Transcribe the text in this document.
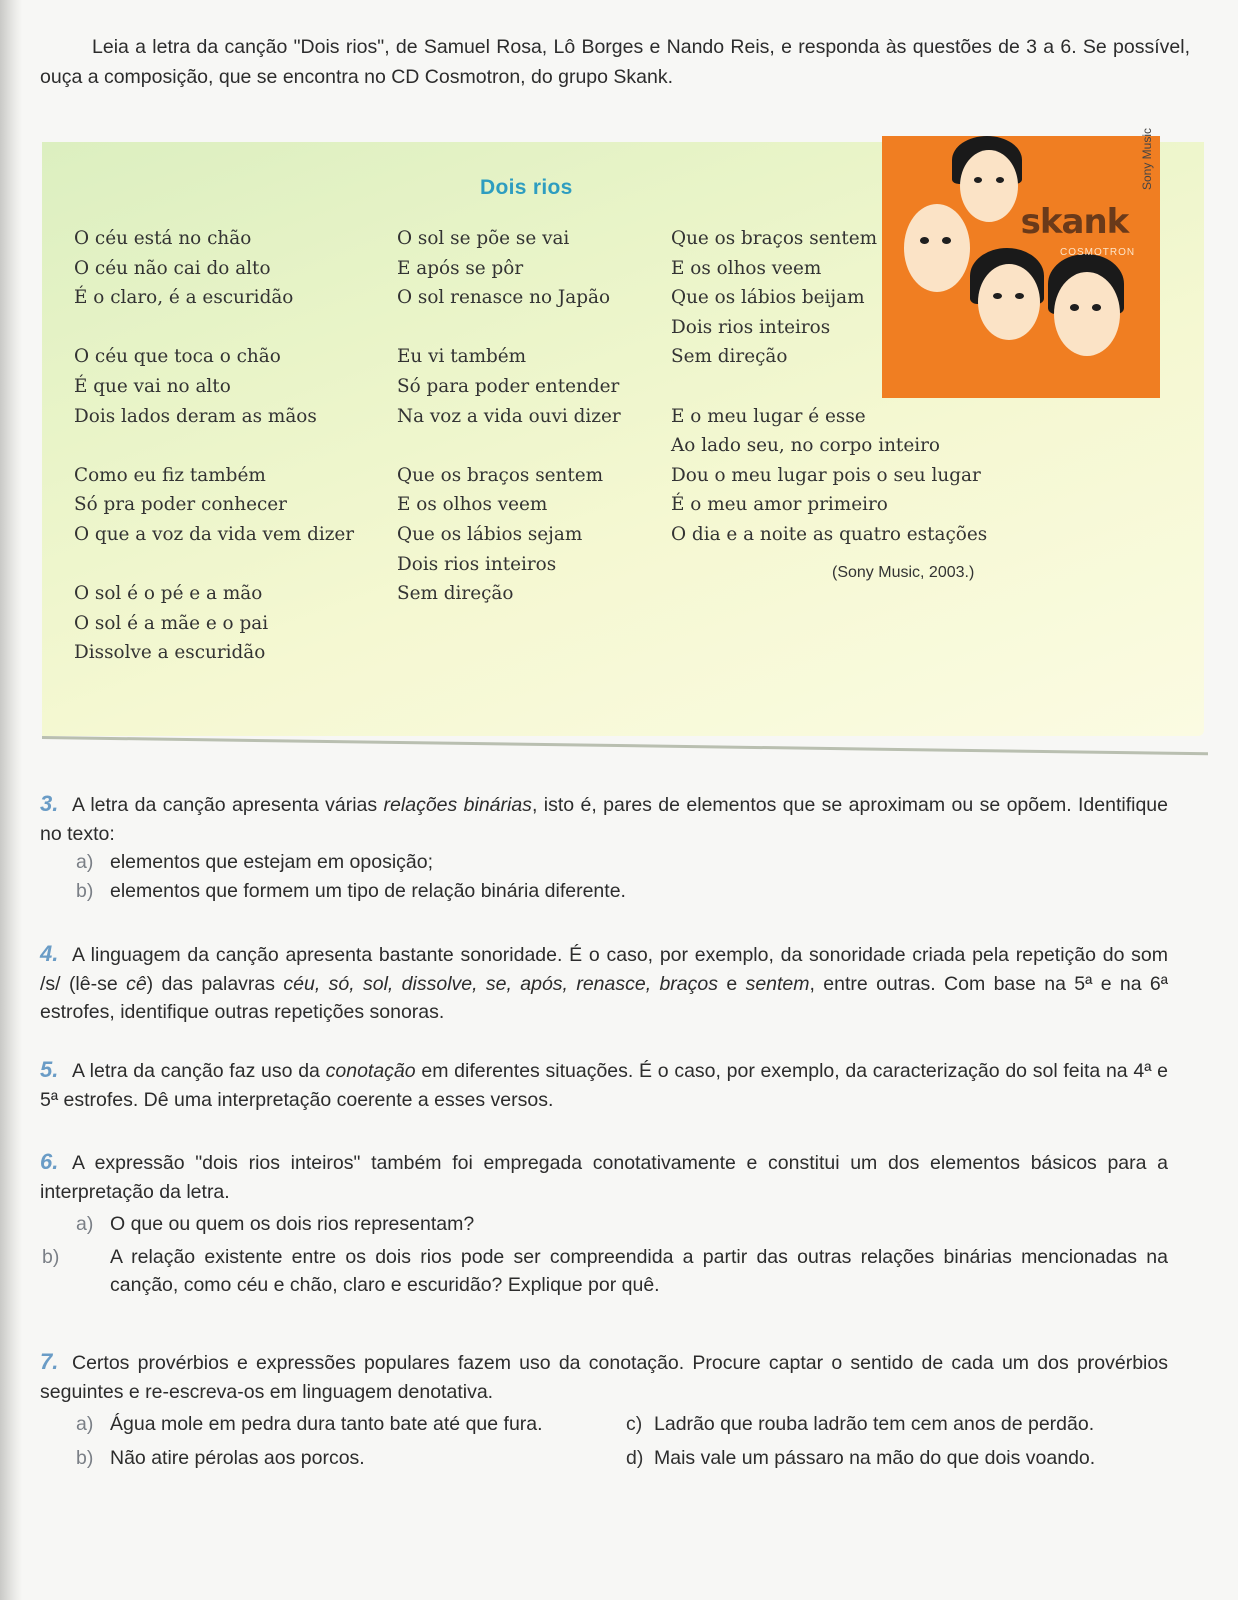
Leia a letra da canção "Dois rios", de Samuel Rosa, Lô Borges e Nando Reis, e responda às questões de 3 a 6. Se possível, ouça a composição, que se encontra no CD Cosmotron, do grupo Skank.

Dois rios
O céu está no chão
O céu não cai do alto
É o claro, é a escuridão
O céu que toca o chão
É que vai no alto
Dois lados deram as mãos
Como eu fiz também
Só pra poder conhecer
O que a voz da vida vem dizer
O sol é o pé e a mão
O sol é a mãe e o pai
Dissolve a escuridão
O sol se põe se vai
E após se pôr
O sol renasce no Japão
Eu vi também
Só para poder entender
Na voz a vida ouvi dizer
Que os braços sentem
E os olhos veem
Que os lábios sejam
Dois rios inteiros
Sem direção
Que os braços sentem
E os olhos veem
Que os lábios beijam
Dois rios inteiros
Sem direção
E o meu lugar é esse
Ao lado seu, no corpo inteiro
Dou o meu lugar pois o seu lugar
É o meu amor primeiro
O dia e a noite as quatro estações
(Sony Music, 2003.)
skank
COSMOTRON
Sony Music
3. A letra da canção apresenta várias relações binárias, isto é, pares de elementos que se aproximam ou se opõem. Identifique no texto:
a) elementos que estejam em oposição;
b) elementos que formem um tipo de relação binária diferente.
4. A linguagem da canção apresenta bastante sonoridade. É o caso, por exemplo, da sonoridade criada pela repetição do som /s/ (lê-se cê) das palavras céu, só, sol, dissolve, se, após, renasce, braços e sentem, entre outras. Com base na 5ª e na 6ª estrofes, identifique outras repetições sonoras.
5. A letra da canção faz uso da conotação em diferentes situações. É o caso, por exemplo, da caracterização do sol feita na 4ª e 5ª estrofes. Dê uma interpretação coerente a esses versos.
6. A expressão "dois rios inteiros" também foi empregada conotativamente e constitui um dos elementos básicos para a interpretação da letra.
a) O que ou quem os dois rios representam?
b)	A relação existente entre os dois rios pode ser compreendida a partir das outras relações binárias mencionadas na canção, como céu e chão, claro e escuridão? Explique por quê.
7. Certos provérbios e expressões populares fazem uso da conotação. Procure captar o sentido de cada um dos provérbios seguintes e re-escreva-os em linguagem denotativa.
a) Água mole em pedra dura tanto bate até que fura.
b) Não atire pérolas aos porcos.
c) Ladrão que rouba ladrão tem cem anos de perdão.
d) Mais vale um pássaro na mão do que dois voando.
